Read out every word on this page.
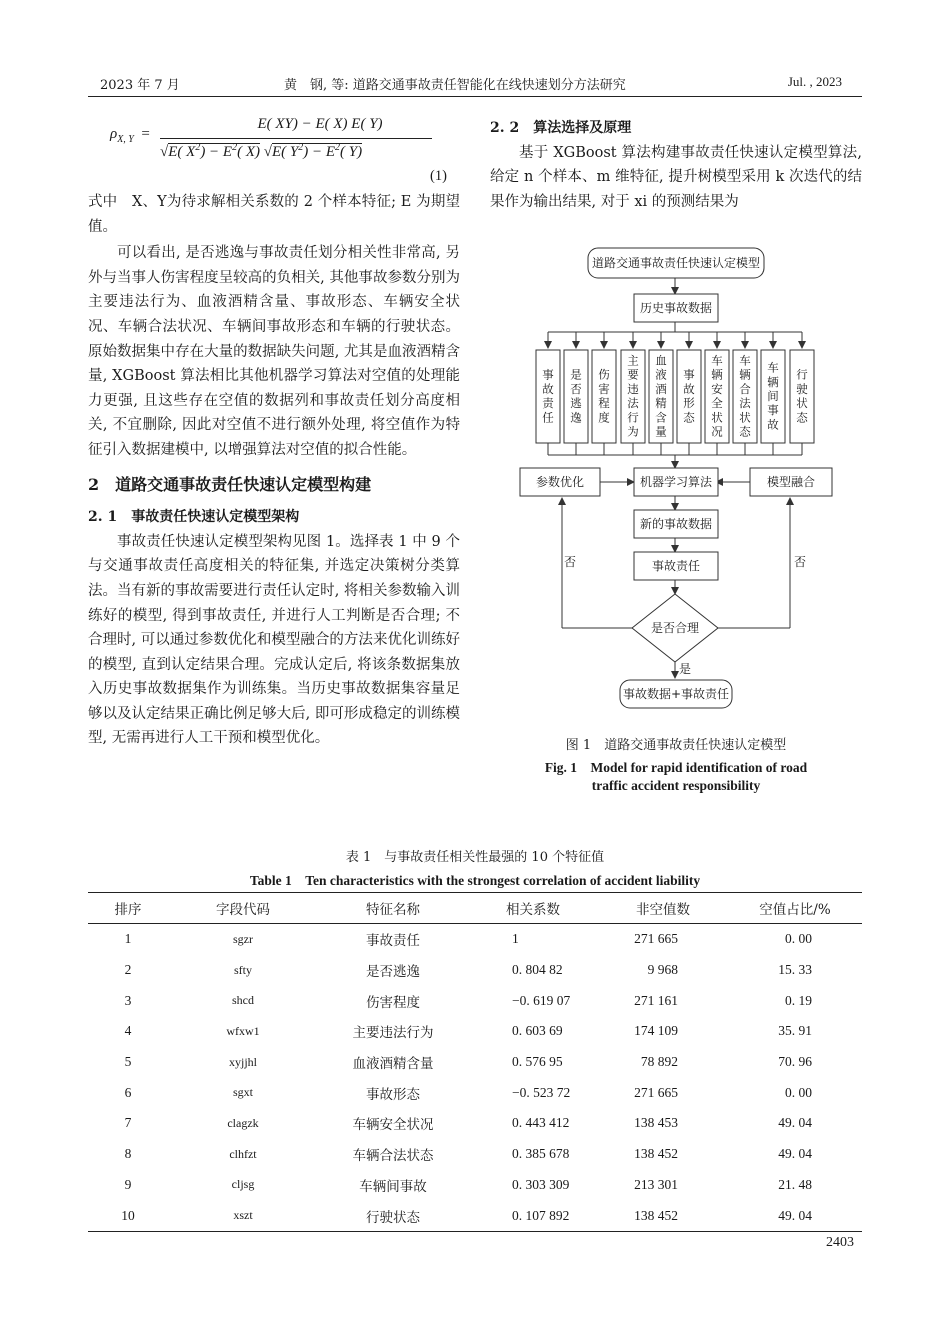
2023 年 7 月	黄　钢, 等: 道路交通事故责任智能化在线快速划分方法研究	Jul. , 2023
$\rho_{X, Y}$  =
E( XY) − E( X) E( Y)
√E( X$^2$) − E$^2$( X) √E( Y$^2$) − E$^2$( Y)
(1)

式中　X、Y为待求解相关系数的 2 个样本特征; E 为期望值。

可以看出, 是否逃逸与事故责任划分相关性非常高, 另外与当事人伤害程度呈较高的负相关, 其他事故参数分别为主要违法行为、血液酒精含量、事故形态、车辆安全状况、车辆合法状况、车辆间事故形态和车辆的行驶状态。原始数据集中存在大量的数据缺失问题, 尤其是血液酒精含量, XGBoost 算法相比其他机器学习算法对空值的处理能力更强, 且这些存在空值的数据列和事故责任划分高度相关, 不宜删除, 因此对空值不进行额外处理, 将空值作为特征引入数据建模中, 以增强算法对空值的拟合性能。

2　道路交通事故责任快速认定模型构建

2. 1　事故责任快速认定模型架构

事故责任快速认定模型架构见图 1。选择表 1 中 9 个与交通事故责任高度相关的特征集, 并选定决策树分类算法。当有新的事故需要进行责任认定时, 将相关参数输入训练好的模型, 得到事故责任, 并进行人工判断是否合理; 不合理时, 可以通过参数优化和模型融合的方法来优化训练好的模型, 直到认定结果合理。完成认定后, 将该条数据集放入历史事故数据集作为训练集。当历史事故数据集容量足够以及认定结果正确比例足够大后, 即可形成稳定的训练模型, 无需再进行人工干预和模型优化。

2. 2　算法选择及原理

基于 XGBoost 算法构建事故责任快速认定模型算法, 给定 n 个样本、m 维特征, 提升树模型采用 k 次迭代的结果作为输出结果, 对于 xi 的预测结果为

道路交通事故责任快速认定模型
历史事故数据
参数优化	机器学习算法	模型融合
新的事故数据
事故责任
是否合理
事故数据+事故责任
否	否
是
事
故
责
任
是
否
逃
逸
伤
害
程
度
主
要
违
法
行
为
血
液
酒
精
含
量
事
故
形
态
车
辆
安
全
状
况
车
辆
合
法
状
态
车
辆
间
事
故
行
驶
状
态
图 1　道路交通事故责任快速认定模型
Fig. 1　Model for rapid identification of road
traffic accident responsibility
表 1　与事故责任相关性最强的 10 个特征值
Table 1　Ten characteristics with the strongest correlation of accident liability
排序	字段代码	特征名称	相关系数	非空值数	空值占比/%
1	sgzr	事故责任	1	271 665	0. 00
2	sfty	是否逃逸	0. 804 82	9 968	15. 33
3	shcd	伤害程度	−0. 619 07	271 161	0. 19
4	wfxw1	主要违法行为	0. 603 69	174 109	35. 91
5	xyjjhl	血液酒精含量	0. 576 95	78 892	70. 96
6	sgxt	事故形态	−0. 523 72	271 665	0. 00
7	clagzk	车辆安全状况	0. 443 412	138 453	49. 04
8	clhfzt	车辆合法状态	0. 385 678	138 452	49. 04
9	cljsg	车辆间事故	0. 303 309	213 301	21. 48
10	xszt	行驶状态	0. 107 892	138 452	49. 04
2403
